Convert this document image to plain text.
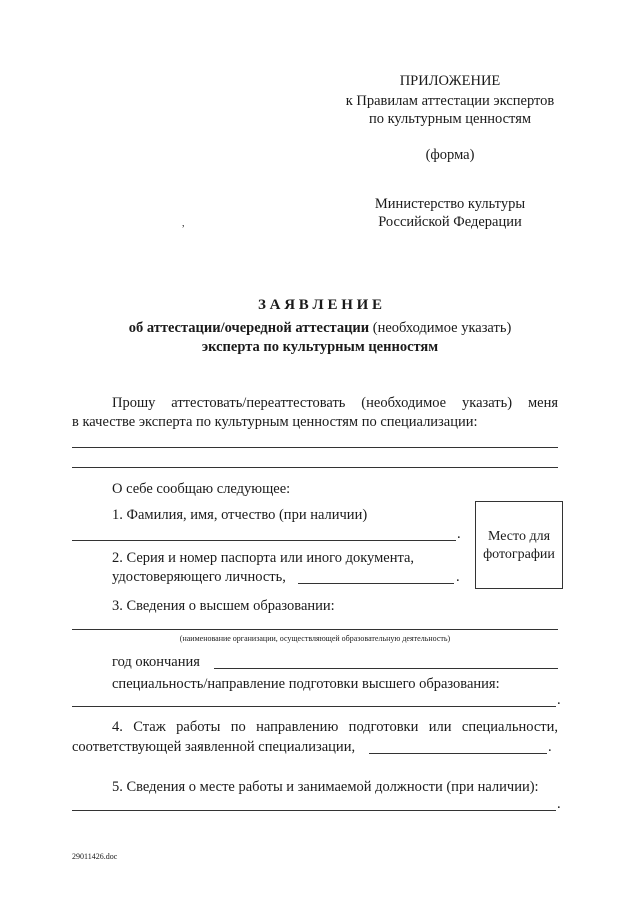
ПРИЛОЖЕНИЕ
к Правилам аттестации экспертов
по культурным ценностям
(форма)
Министерство культуры
Российской Федерации
,
З А Я В Л Е Н И Е
об аттестации/очередной аттестации (необходимое указать)
эксперта по культурным ценностям
Прошу аттестовать/переаттестовать (необходимое указать) меня
в качестве эксперта по культурным ценностям по специализации:
О себе сообщаю следующее:
1. Фамилия, имя, отчество (при наличии)
.
2. Серия и номер паспорта или иного документа,
удостоверяющего личность,	.
Место для
фотографии
3. Сведения о высшем образовании:
(наименование организации, осуществляющей образовательную деятельность)
год окончания
специальность/направление подготовки высшего образования:
.
4. Стаж работы по направлению подготовки или специальности,
соответствующей заявленной специализации,	.
5. Сведения о месте работы и занимаемой должности (при наличии):
.
29011426.doc
